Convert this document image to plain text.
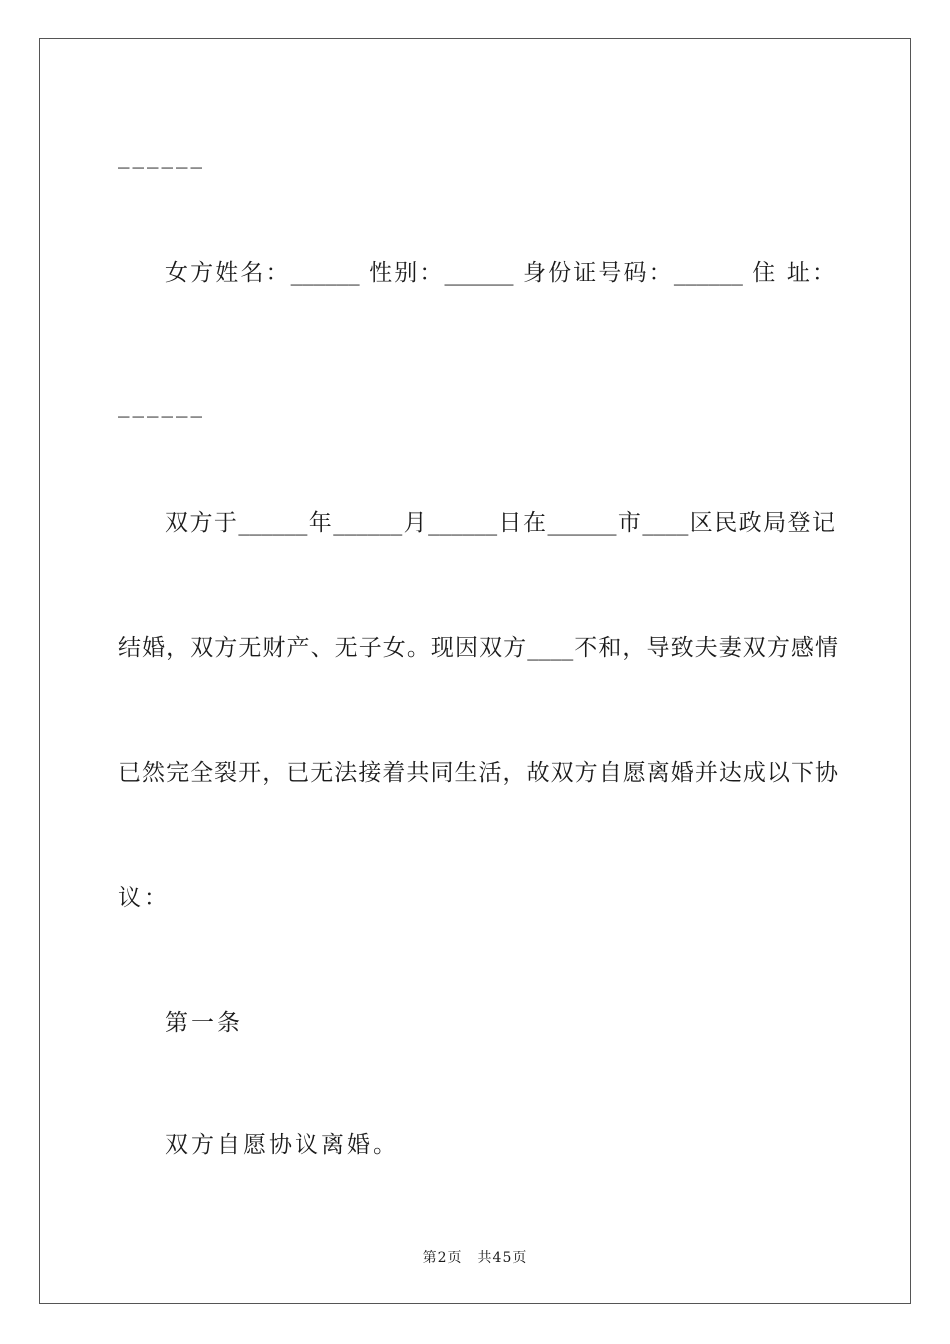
______
女方姓名：______ 性别：______ 身份证号码：______ 住 址：
______
双方于______年______月______日在______市____区民政局登记
结婚，双方无财产、无子女。现因双方____不和，导致夫妻双方感情
已然完全裂开，已无法接着共同生活，故双方自愿离婚并达成以下协
议：
第一条
双方自愿协议离婚。
第2页　共45页
